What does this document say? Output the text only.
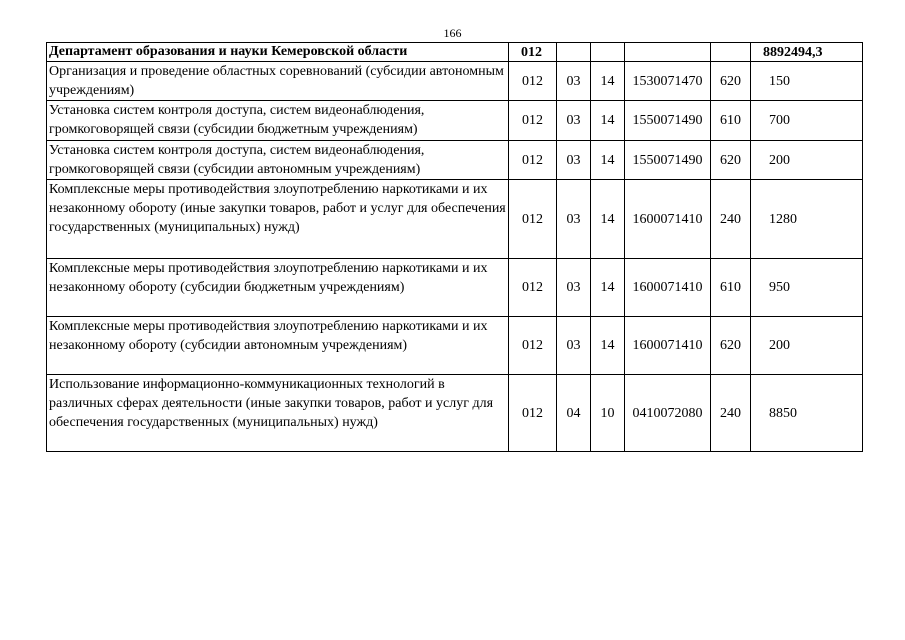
166
Департамент образования и науки Кемеровской области	012					8892494,3
Организация и проведение областных соревнований (субсидии автономным учреждениям)	012	03	14	1530071470	620	150
Установка систем контроля доступа, систем видеонаблюдения, громкоговорящей связи (субсидии бюджетным учреждениям)	012	03	14	1550071490	610	700
Установка систем контроля доступа, систем видеонаблюдения, громкоговорящей связи (субсидии автономным учреждениям)	012	03	14	1550071490	620	200
Комплексные меры противодействия злоупотреблению наркотиками и их незаконному обороту (иные закупки товаров, работ и услуг для обеспечения государственных (муниципальных) нужд)	012	03	14	1600071410	240	1280
Комплексные меры противодействия злоупотреблению наркотиками и их незаконному обороту (субсидии бюджетным учреждениям)	012	03	14	1600071410	610	950
Комплексные меры противодействия злоупотреблению наркотиками и их незаконному обороту (субсидии автономным учреждениям)	012	03	14	1600071410	620	200
Использование информационно-коммуникационных технологий в различных сферах деятельности (иные закупки товаров, работ и услуг для обеспечения государственных (муниципальных) нужд)	012	04	10	0410072080	240	8850
